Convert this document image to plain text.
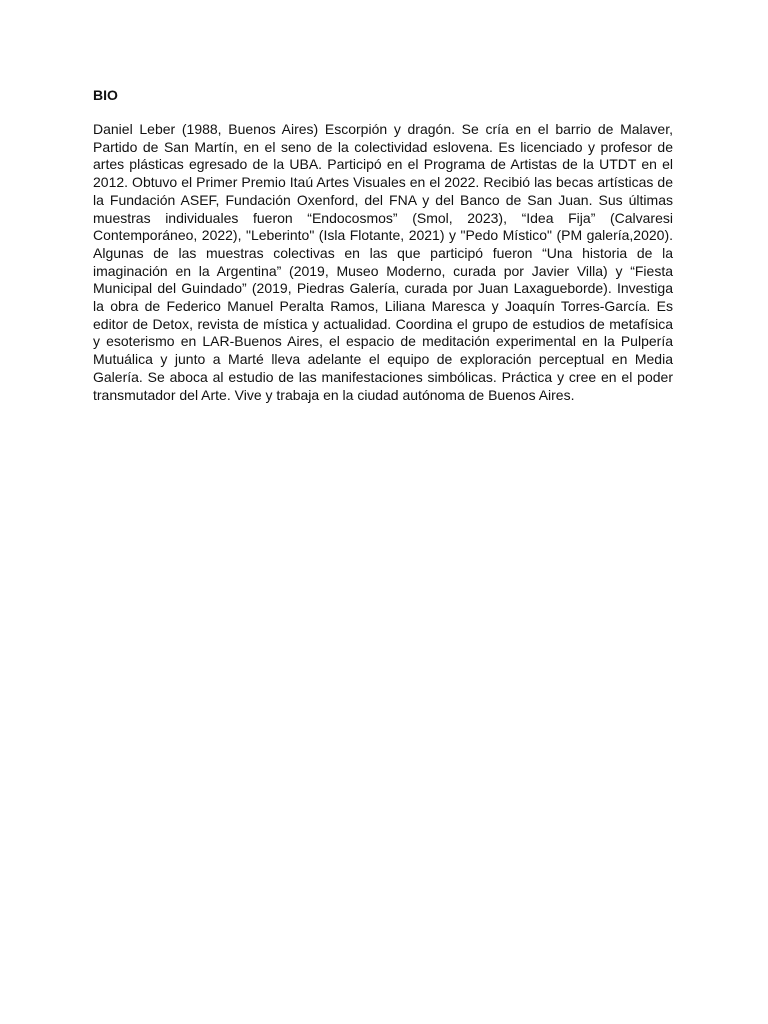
BIO

Daniel Leber (1988, Buenos Aires) Escorpión y dragón. Se cría en el barrio de Malaver, Partido de San Martín, en el seno de la colectividad eslovena. Es licenciado y profesor de artes plásticas egresado de la UBA. Participó en el Programa de Artistas de la UTDT en el 2012. Obtuvo el Primer Premio Itaú Artes Visuales en el 2022. Recibió las becas artísticas de la Fundación ASEF, Fundación Oxenford, del FNA y del Banco de San Juan. Sus últimas muestras individuales fueron “Endocosmos” (Smol, 2023), “Idea Fija” (Calvaresi Contemporáneo, 2022), "Leberinto" (Isla Flotante, 2021) y "Pedo Místico" (PM galería,2020). Algunas de las muestras colectivas en las que participó fueron “Una historia de la imaginación en la Argentina” (2019, Museo Moderno, curada por Javier Villa) y “Fiesta Municipal del Guindado” (2019, Piedras Galería, curada por Juan Laxagueborde). Investiga la obra de Federico Manuel Peralta Ramos, Liliana Maresca y Joaquín Torres-García. Es editor de Detox, revista de mística y actualidad. Coordina el grupo de estudios de metafísica y esoterismo en LAR-Buenos Aires, el espacio de meditación experimental en la Pulpería Mutuálica y junto a Marté lleva adelante el equipo de exploración perceptual en Media Galería. Se aboca al estudio de las manifestaciones simbólicas. Práctica y cree en el poder transmutador del Arte. Vive y trabaja en la ciudad autónoma de Buenos Aires.
